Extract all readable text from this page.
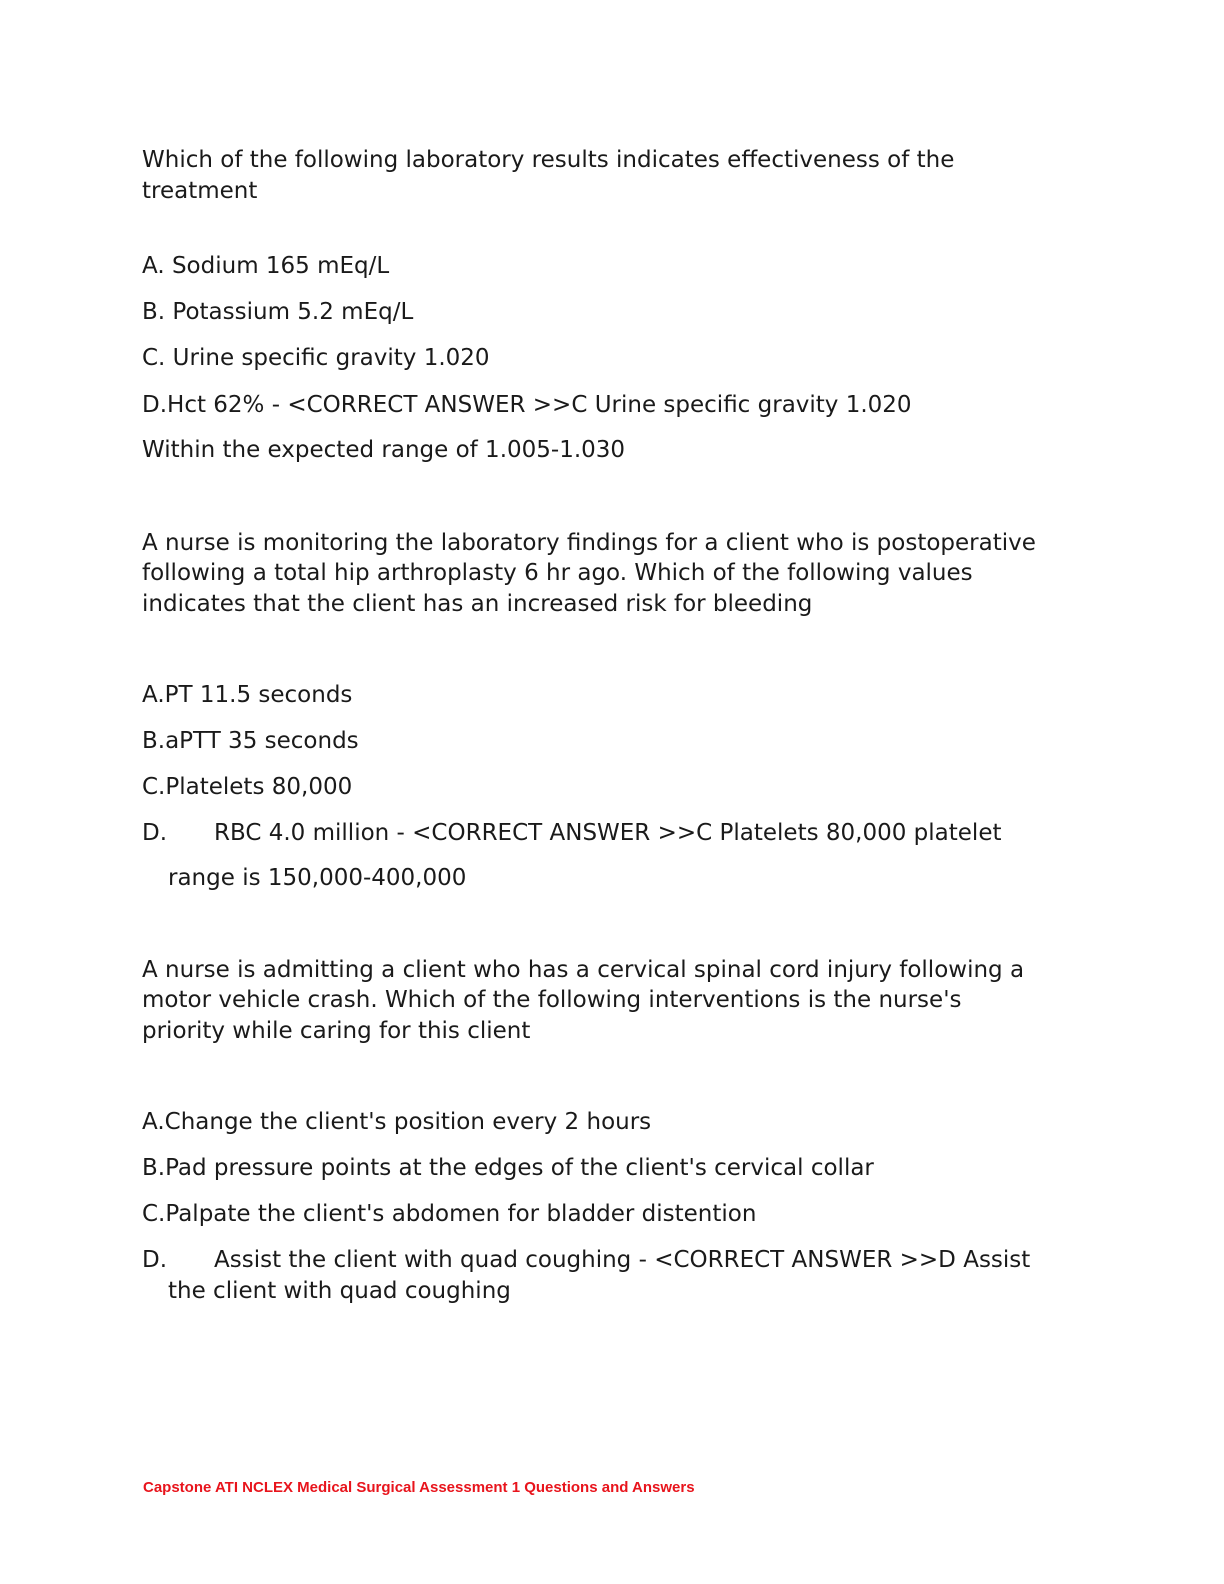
Which of the following laboratory results indicates effectiveness of the

treatment

A. Sodium 165 mEq/L

B. Potassium 5.2 mEq/L

C. Urine specific gravity 1.020

D.Hct 62% - <CORRECT ANSWER >>C Urine specific gravity 1.020

Within the expected range of 1.005-1.030

A nurse is monitoring the laboratory findings for a client who is postoperative

following a total hip arthroplasty 6 hr ago. Which of the following values

indicates that the client has an increased risk for bleeding

A.PT 11.5 seconds

B.aPTT 35 seconds

C.Platelets 80,000

D. RBC 4.0 million - <CORRECT ANSWER >>C Platelets 80,000 platelet

range is 150,000-400,000

A nurse is admitting a client who has a cervical spinal cord injury following a

motor vehicle crash. Which of the following interventions is the nurse's

priority while caring for this client

A.Change the client's position every 2 hours

B.Pad pressure points at the edges of the client's cervical collar

C.Palpate the client's abdomen for bladder distention

D. Assist the client with quad coughing - <CORRECT ANSWER >>D Assist

the client with quad coughing

Capstone ATI NCLEX Medical Surgical Assessment 1 Questions and Answers
